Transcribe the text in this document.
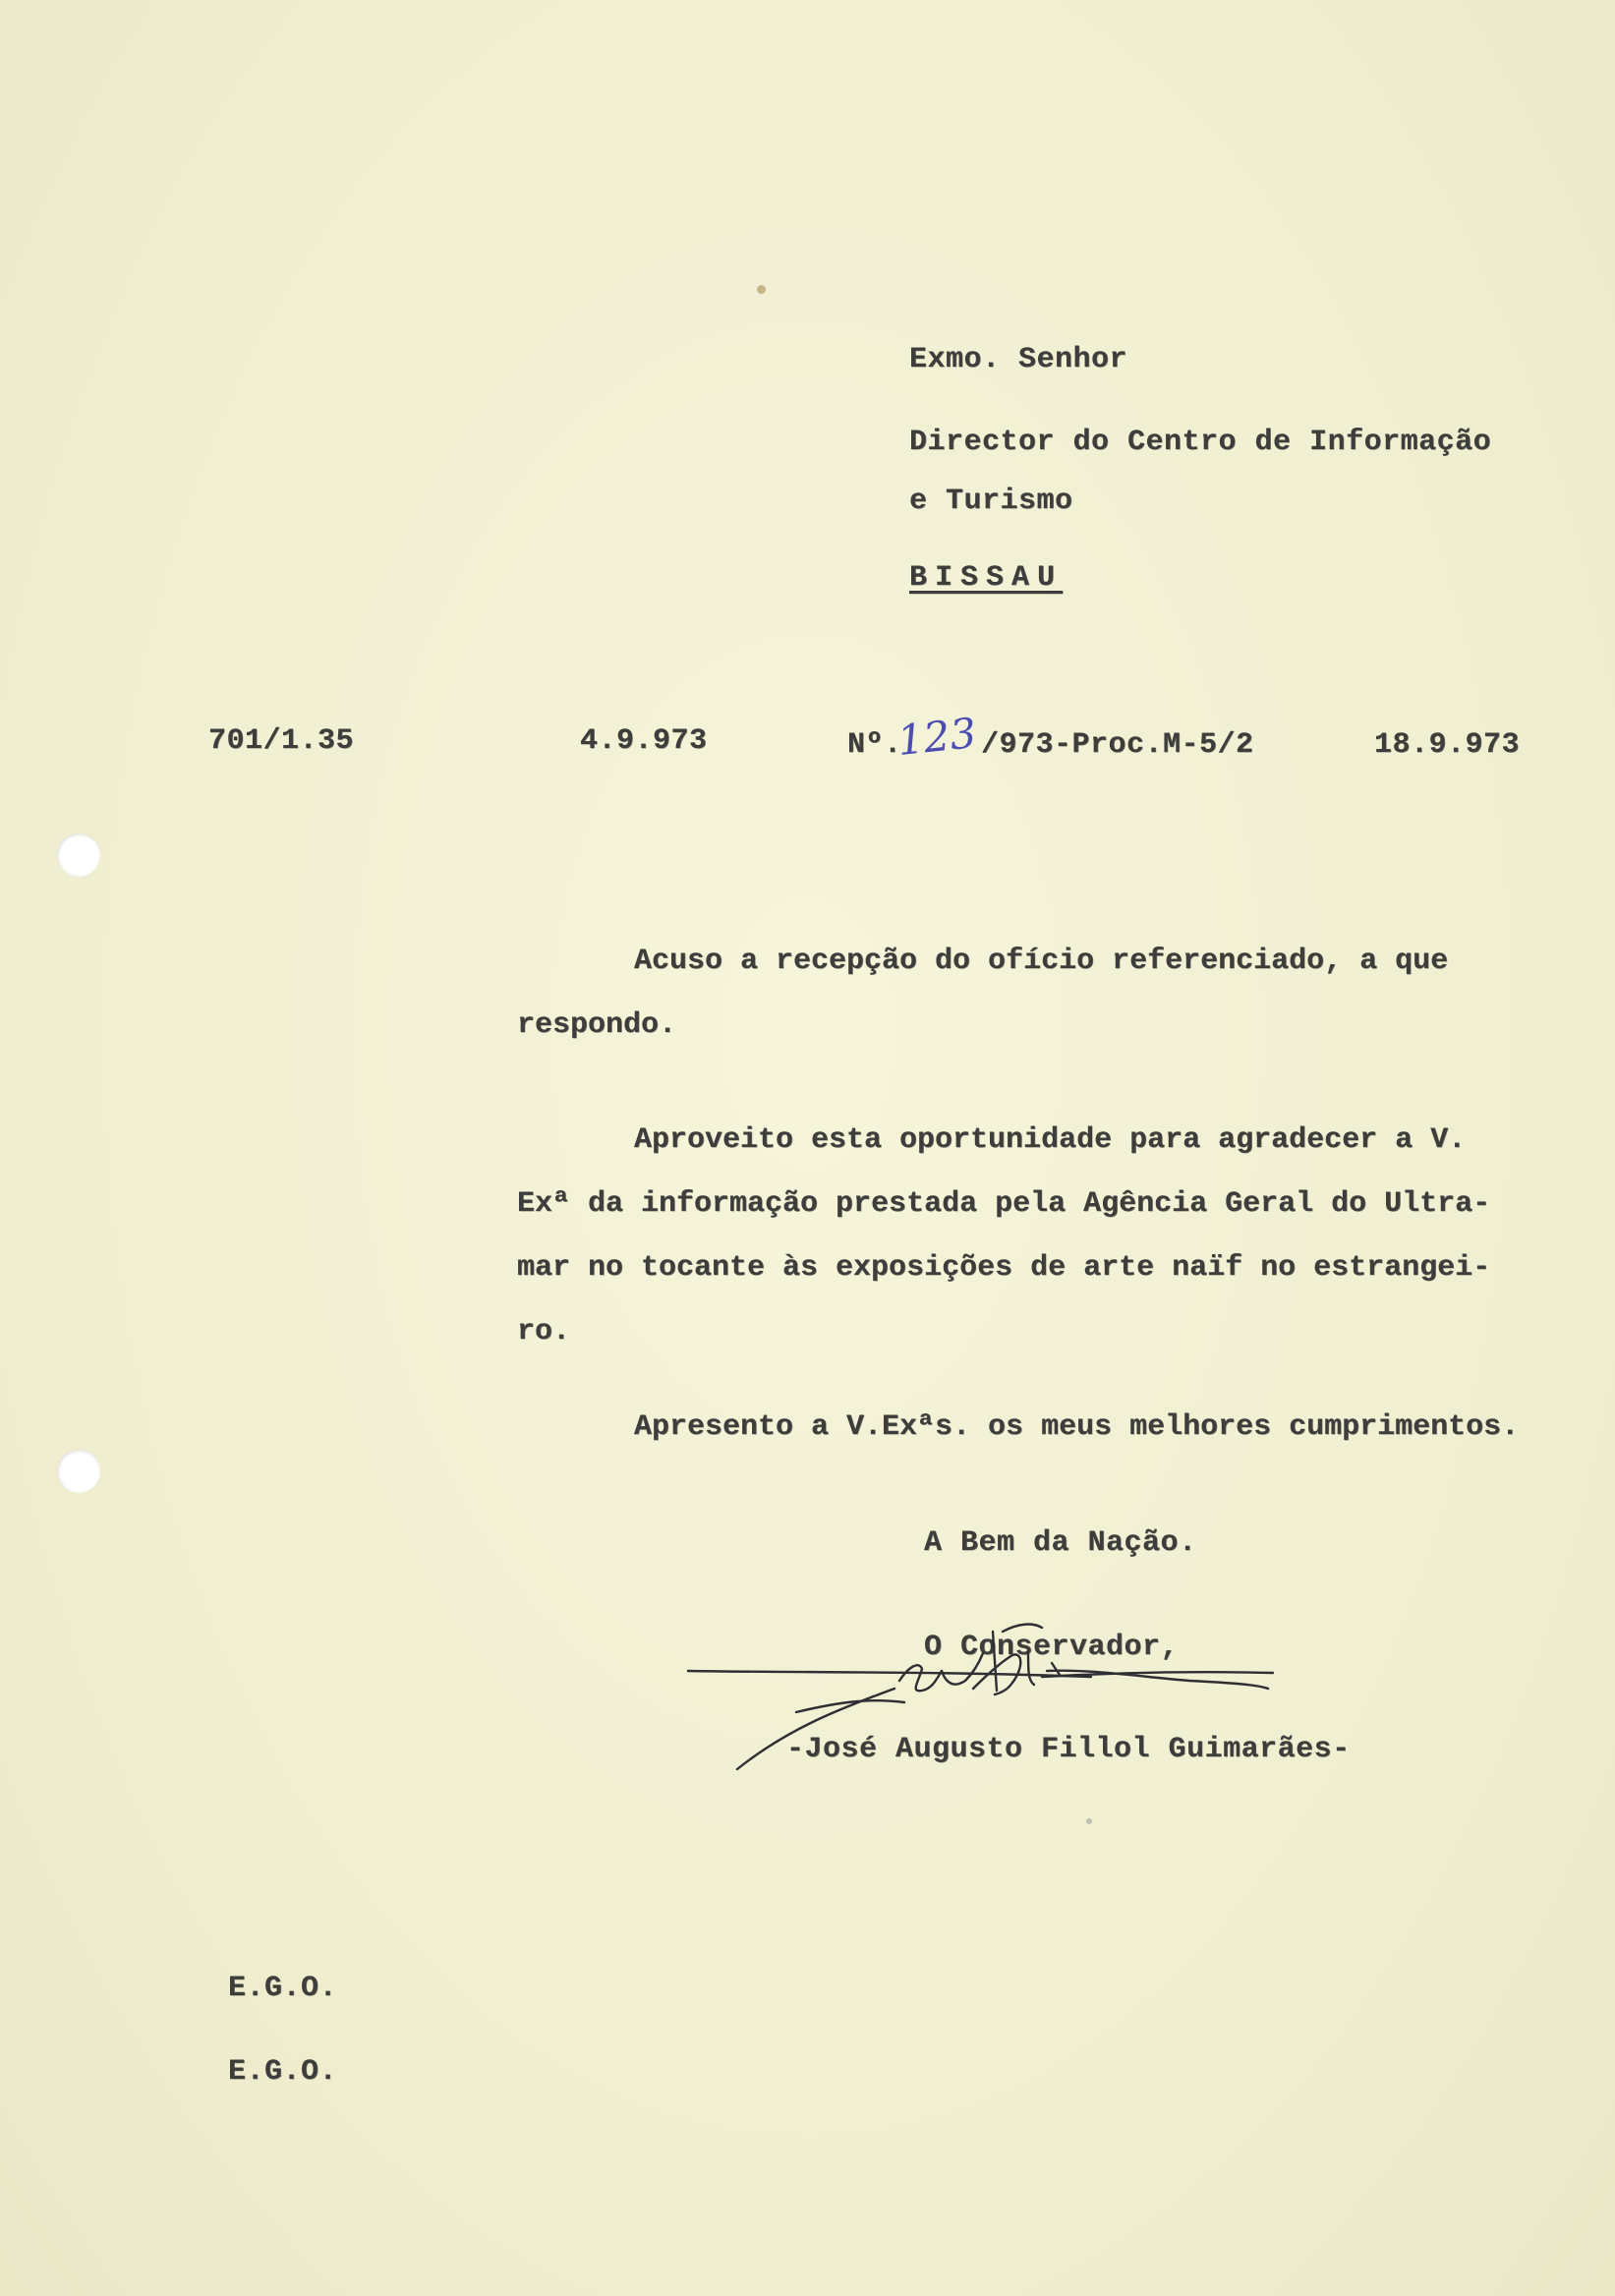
Exmo. Senhor
Director do Centro de Informação
e Turismo
BISSAU
701/1.35	4.9.973	Nº.
123 /973-Proc.M-5/2	18.9.973
Acuso a recepção do ofício referenciado, a que
respondo.
Aproveito esta oportunidade para agradecer a V.
Exª da informação prestada pela Agência Geral do Ultra-
mar no tocante às exposições de arte naïf no estrangei-
ro.
Apresento a V.Exªs. os meus melhores cumprimentos.
A Bem da Nação.
O Conservador,
-José Augusto Fillol Guimarães-
E.G.O.
E.G.O.
